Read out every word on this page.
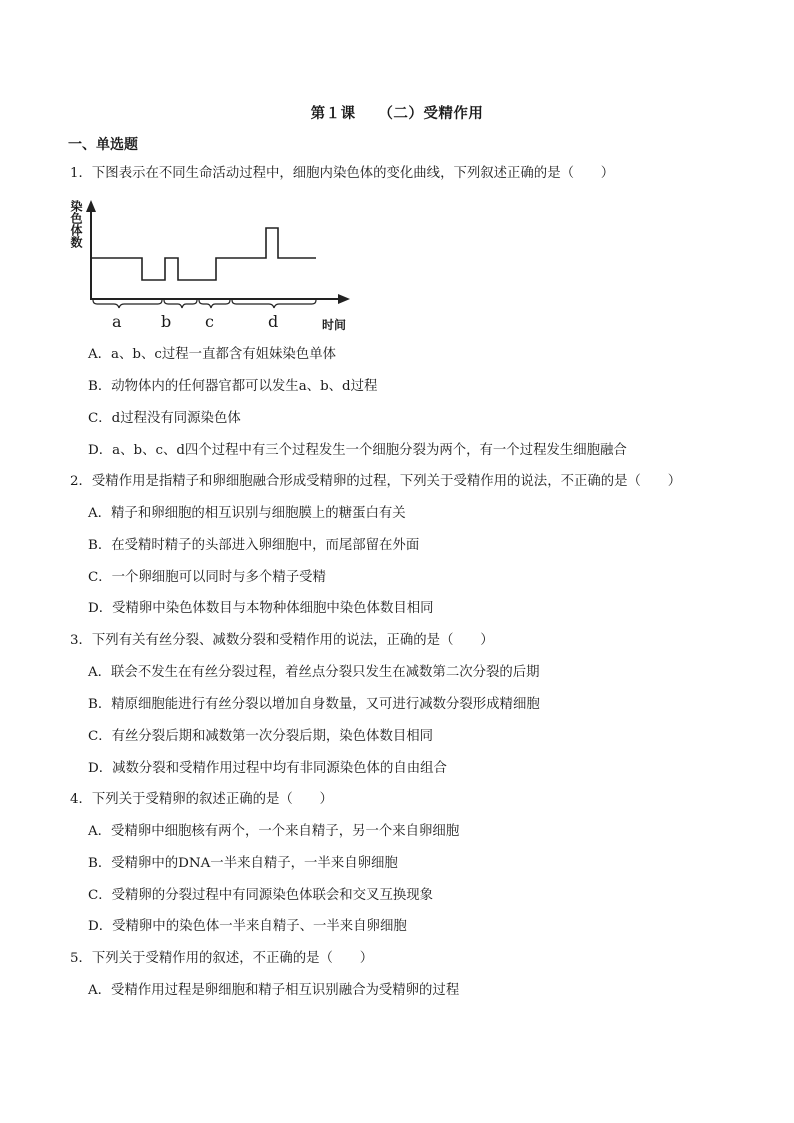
第１课　　（二）受精作用
一、单选题
1．下图表示在不同生命活动过程中，细胞内染色体的变化曲线，下列叙述正确的是（　　）
染色体数
a b c	d	时间
A．a、b、c过程一直都含有姐妹染色单体
B．动物体内的任何器官都可以发生a、b、d过程
C．d过程没有同源染色体
D．a、b、c、d四个过程中有三个过程发生一个细胞分裂为两个，有一个过程发生细胞融合
2．受精作用是指精子和卵细胞融合形成受精卵的过程，下列关于受精作用的说法，不正确的是（　　）
A．精子和卵细胞的相互识别与细胞膜上的糖蛋白有关
B．在受精时精子的头部进入卵细胞中，而尾部留在外面
C．一个卵细胞可以同时与多个精子受精
D．受精卵中染色体数目与本物种体细胞中染色体数目相同
3．下列有关有丝分裂、减数分裂和受精作用的说法，正确的是（　　）
A．联会不发生在有丝分裂过程，着丝点分裂只发生在减数第二次分裂的后期
B．精原细胞能进行有丝分裂以增加自身数量，又可进行减数分裂形成精细胞
C．有丝分裂后期和减数第一次分裂后期，染色体数目相同
D．减数分裂和受精作用过程中均有非同源染色体的自由组合
4．下列关于受精卵的叙述正确的是（　　）
A．受精卵中细胞核有两个，一个来自精子，另一个来自卵细胞
B．受精卵中的DNA一半来自精子，一半来自卵细胞
C．受精卵的分裂过程中有同源染色体联会和交叉互换现象
D．受精卵中的染色体一半来自精子、一半来自卵细胞
5．下列关于受精作用的叙述，不正确的是（　　）
A．受精作用过程是卵细胞和精子相互识别融合为受精卵的过程
